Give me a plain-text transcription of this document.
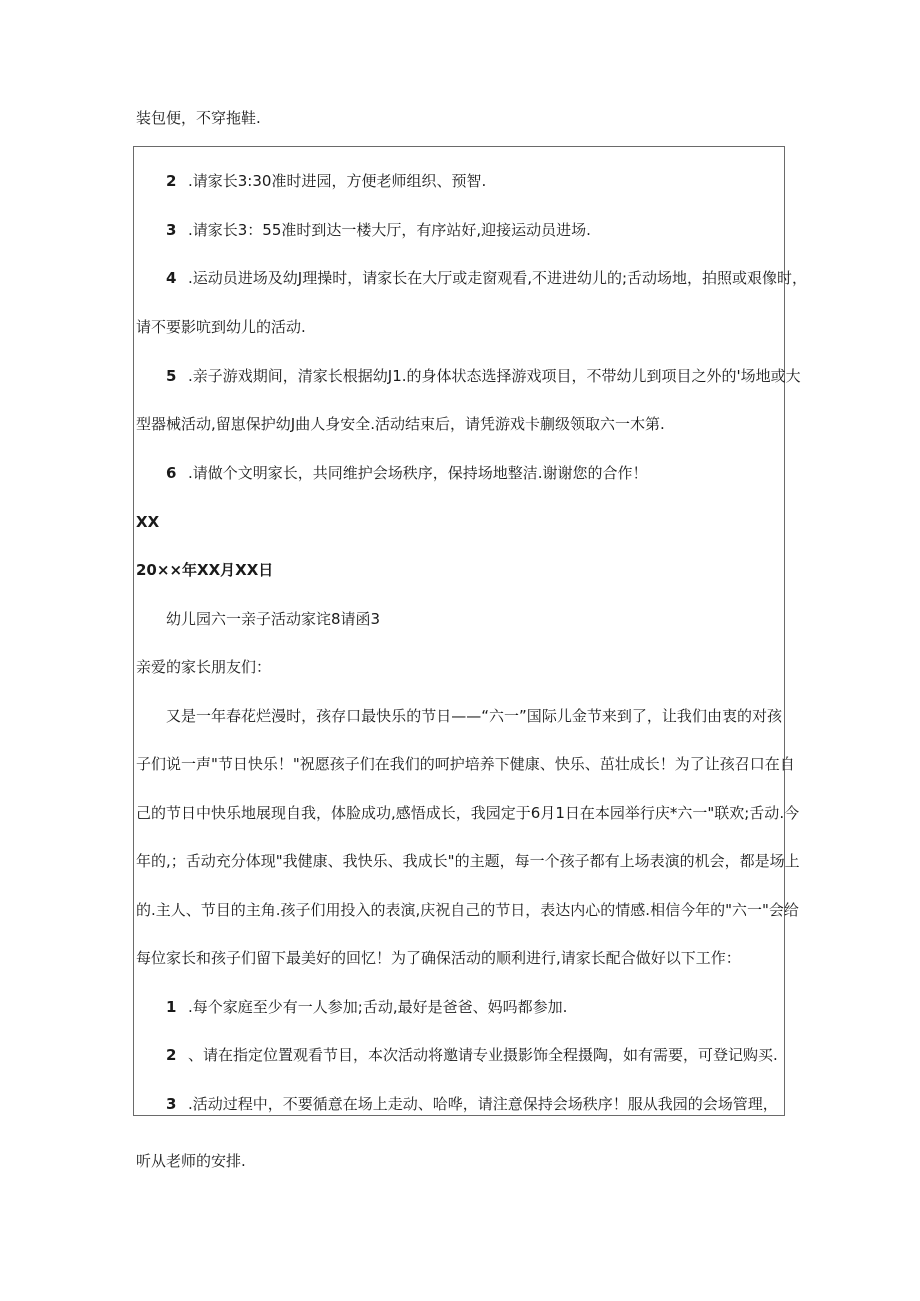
装包便，不穿拖鞋.
2 .请家长3:30准时进园，方便老师组织、预智.
3 .请家长3：55准时到达一楼大厅，有序站好,迎接运动员进场.
4 .运动员进场及幼J理操时，请家长在大厅或走窗观看,不进进幼儿的;舌动场地，拍照或艰像时，
请不要影吭到幼儿的活动.
5 .亲子游戏期间，清家长根据幼J1.的身体状态选择游戏项目，不带幼儿到项目之外的'场地或大
型器械活动,留崽保护幼J曲人身安全.活动结束后，请凭游戏卡蒯级领取六一木第.
6 .请做个文明家长，共同维护会场秩序，保持场地整洁.谢谢您的合作！
XX
20××年XX月XX日
幼儿园六一亲子活动家诧8请函3
亲爱的家长朋友们：
又是一年春花烂漫时，孩存口最快乐的节日——“六一”国际儿金节来到了，让我们由衷的对孩
子们说一声"节日快乐！"祝愿孩子们在我们的呵护培养下健康、快乐、茁壮成长！为了让孩召口在自
己的节日中快乐地展现自我，体脸成功,感悟成长，我园定于6月1日在本园举行庆*六一"联欢;舌动.今
年的,；舌动充分体现"我健康、我快乐、我成长"的主题，每一个孩子都有上场表演的机会，都是场上
的.主人、节目的主角.孩子们用投入的表演,庆祝自己的节日，表达内心的情感.相信今年的"六一"会给
每位家长和孩子们留下最美好的回忆！为了确保活动的顺利进行,请家长配合做好以下工作：
1 .每个家庭至少有一人参加;舌动,最好是爸爸、妈吗都参加.
2 、请在指定位置观看节目，本次活动将邀请专业摄影饰全程摄陶，如有需要，可登记购买.
3 .活动过程中，不要循意在场上走动、哈哗，请注意保持会场秩序！服从我园的会场管理，
听从老师的安排.
